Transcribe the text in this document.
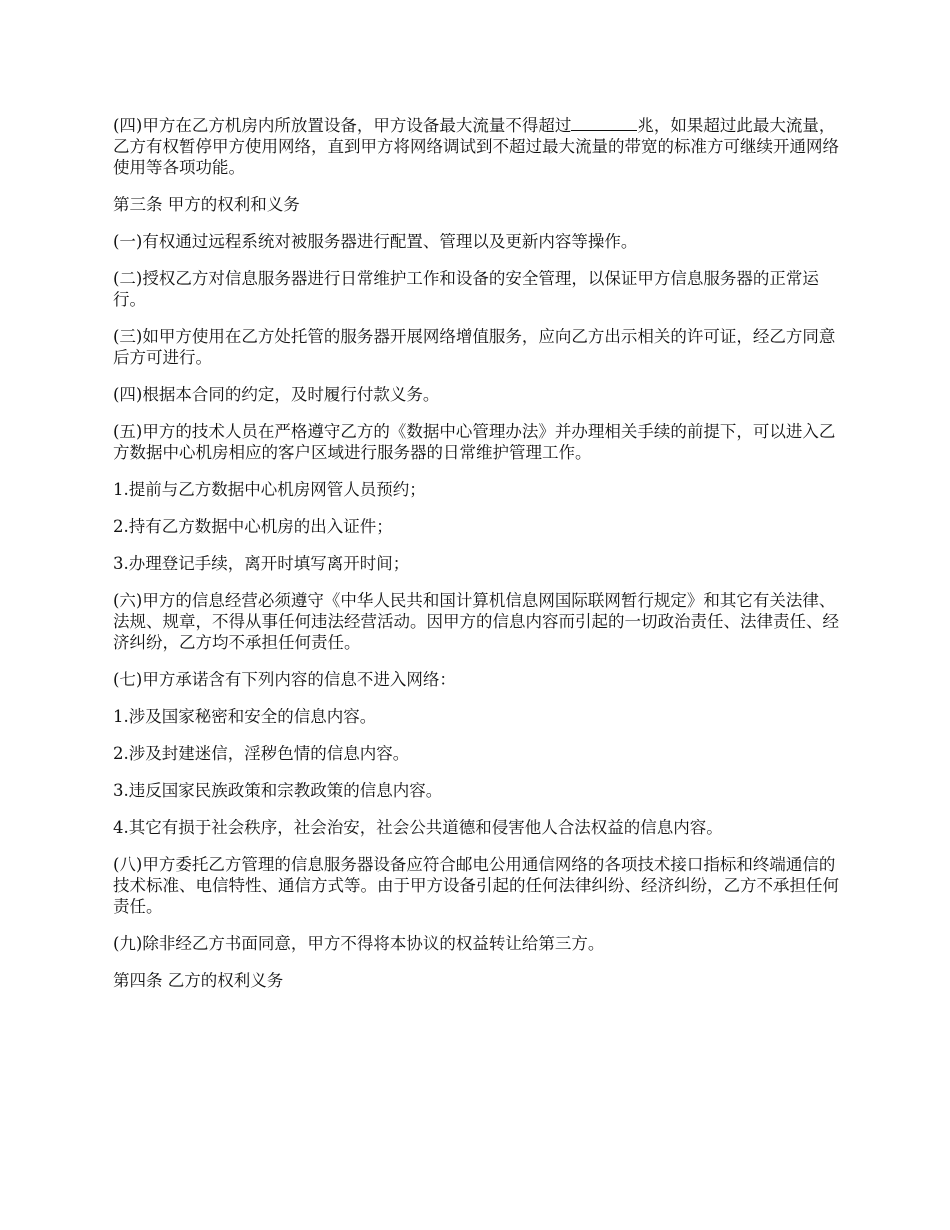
(四)甲方在乙方机房内所放置设备，甲方设备最大流量不得超过	兆，如果超过此最大流量，乙方有权暂停甲方使用网络，直到甲方将网络调试到不超过最大流量的带宽的标准方可继续开通网络使用等各项功能。

第三条 甲方的权利和义务

(一)有权通过远程系统对被服务器进行配置、管理以及更新内容等操作。

(二)授权乙方对信息服务器进行日常维护工作和设备的安全管理，以保证甲方信息服务器的正常运行。

(三)如甲方使用在乙方处托管的服务器开展网络增值服务，应向乙方出示相关的许可证，经乙方同意后方可进行。

(四)根据本合同的约定，及时履行付款义务。

(五)甲方的技术人员在严格遵守乙方的《数据中心管理办法》并办理相关手续的前提下，可以进入乙方数据中心机房相应的客户区域进行服务器的日常维护管理工作。

1.提前与乙方数据中心机房网管人员预约；

2.持有乙方数据中心机房的出入证件；

3.办理登记手续，离开时填写离开时间；

(六)甲方的信息经营必须遵守《中华人民共和国计算机信息网国际联网暂行规定》和其它有关法律、法规、规章，不得从事任何违法经营活动。因甲方的信息内容而引起的一切政治责任、法律责任、经济纠纷，乙方均不承担任何责任。

(七)甲方承诺含有下列内容的信息不进入网络：

1.涉及国家秘密和安全的信息内容。

2.涉及封建迷信，淫秽色情的信息内容。

3.违反国家民族政策和宗教政策的信息内容。

4.其它有损于社会秩序，社会治安，社会公共道德和侵害他人合法权益的信息内容。

(八)甲方委托乙方管理的信息服务器设备应符合邮电公用通信网络的各项技术接口指标和终端通信的技术标准、电信特性、通信方式等。由于甲方设备引起的任何法律纠纷、经济纠纷，乙方不承担任何责任。

(九)除非经乙方书面同意，甲方不得将本协议的权益转让给第三方。

第四条 乙方的权利义务
